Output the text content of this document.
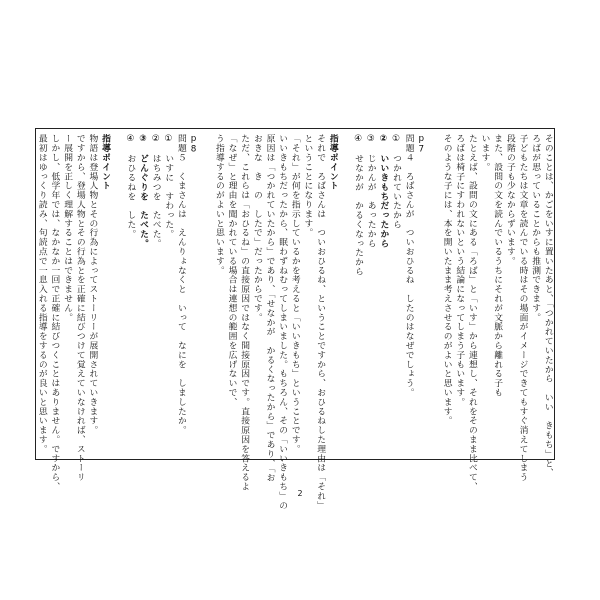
そのことは、かごをいすに置いたあと、「つかれていたから　いい　きもち」と、
ろばが思っていることからも推測できます。
子どもたちは文章を読んでいる時はその場面がイメージできてもすぐ消えてしまう
段階の子も少なからずいます。
また、設問の文を読んでいるうちにそれが文脈から離れる子も
います。
たとえば、設問の文にある「ろば」と「いす」から連想し、それをそのまま比べて、
ろばは椅子にすわれないという結論になってしまう子もいます。
そのような子には、本を開いたまま考えさせるのがよいと思います。
p7
問題４　ろばさんが　ついおひるね　したのはなぜでしょう。
①　つかれていたから
②　いいきもちだったから
③　じかんが　あったから
④　せなかが　かるくなったから
指導ポイント
それで　ろばさんは　ついおひるね、ということですから、おひるねした理由は「それ」
ということになります。
「それ」が何を指示しているかを考えると「いいきもち」ということです。
いいきもちだったから、眠わずねむってしまいました。もちろん、その「いいきもち」の
原因は「つかれていたから」であり、「せなかが　かるくなったから」であり、「お
おきな　き　の　したで」だったからです。
ただ、これらは「おひるね」の直接原因ではなく間接原因です。直接原因を答えるよ
「なぜ」と理由を聞かれている場合は連想の範囲を広げないで、
う指導するのがよいと思います。
p8
問題５　くまさんは　えんりょなくと　いって　なにを　しましたか。
①　いすに　すわった。
②　はちみつを　たべた。
③　どんぐりを　たべた。
④　おひるねを　した。
指導ポイント
物語は登場人物とその行為によってストーリーが展開されていきます。
ですから、登場人物とその行為とを正確に結びつけて覚えていなければ、ストーリ
ー展開を正しく理解することはできません。
しかし、低学年では、なかなか一回で正確に結びつくことはありません。ですから、
最初はゆっくり読み、句読点で一息入れる指導をするのが良いと思います。
2
